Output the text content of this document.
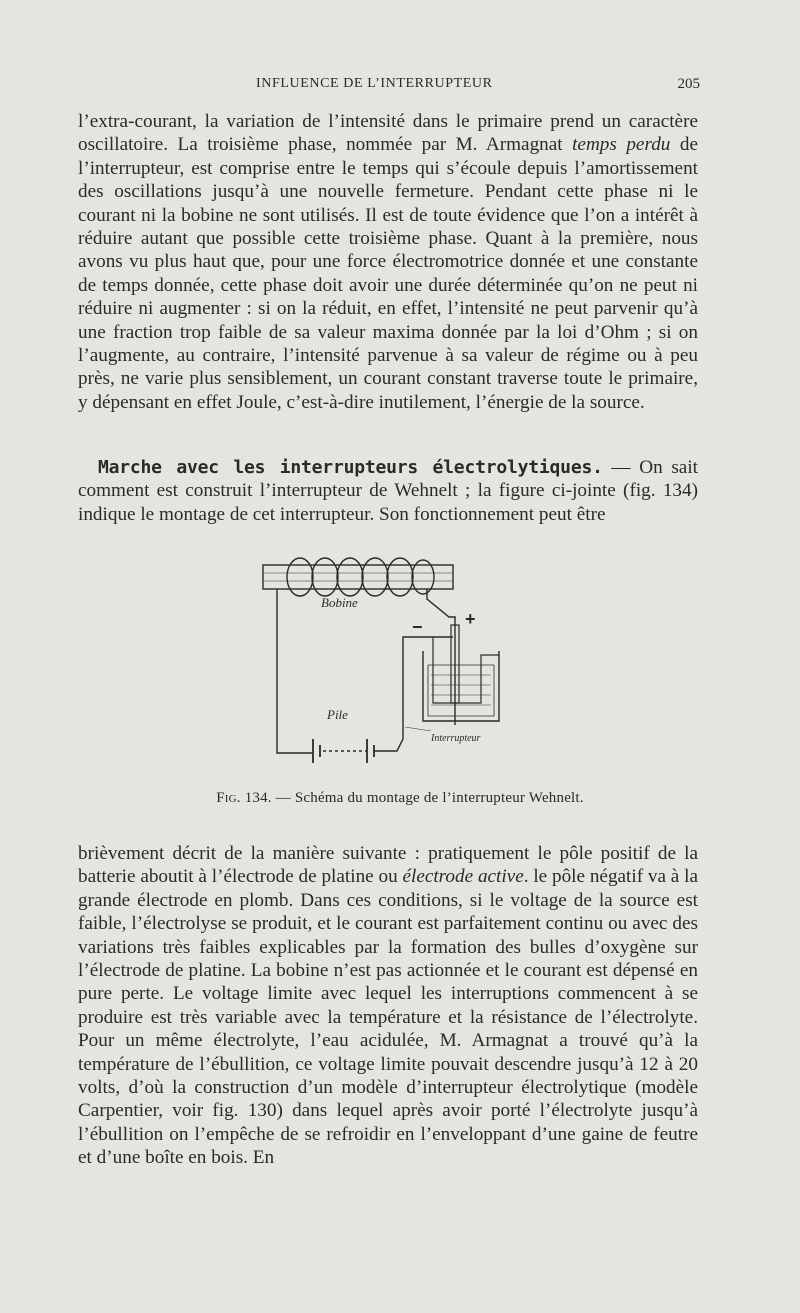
INFLUENCE DE L’INTERRUPTEUR	205

l’extra-courant, la variation de l’intensité dans le primaire prend un caractère oscillatoire. La troisième phase, nommée par M. Armagnat temps perdu de l’interrupteur, est comprise entre le temps qui s’écoule depuis l’amortissement des oscillations jusqu’à une nouvelle fermeture. Pendant cette phase ni le courant ni la bobine ne sont utilisés. Il est de toute évidence que l’on a intérêt à réduire autant que possible cette troisième phase. Quant à la première, nous avons vu plus haut que, pour une force électromotrice donnée et une constante de temps donnée, cette phase doit avoir une durée déterminée qu’on ne peut ni réduire ni augmenter : si on la réduit, en effet, l’intensité ne peut parvenir qu’à une fraction trop faible de sa valeur maxima donnée par la loi d’Ohm ; si on l’augmente, au contraire, l’intensité parvenue à sa valeur de régime ou à peu près, ne varie plus sensiblement, un courant constant traverse toute le primaire, y dépensant en effet Joule, c’est-à-dire inutilement, l’énergie de la source.

Marche avec les interrupteurs électrolytiques. — On sait comment est construit l’interrupteur de Wehnelt ; la figure ci-jointe (fig. 134) indique le montage de cet interrupteur. Son fonctionnement peut être

Bobine
Pile
Interrupteur
+
−
Fig. 134. — Schéma du montage de l’interrupteur Wehnelt.

brièvement décrit de la manière suivante : pratiquement le pôle positif de la batterie aboutit à l’électrode de platine ou électrode active. le pôle négatif va à la grande électrode en plomb. Dans ces conditions, si le voltage de la source est faible, l’électrolyse se produit, et le courant est parfaitement continu ou avec des variations très faibles explicables par la formation des bulles d’oxygène sur l’électrode de platine. La bobine n’est pas actionnée et le courant est dépensé en pure perte. Le voltage limite avec lequel les interruptions commencent à se produire est très variable avec la température et la résistance de l’électrolyte. Pour un même électrolyte, l’eau acidulée, M. Armagnat a trouvé qu’à la température de l’ébullition, ce voltage limite pouvait descendre jusqu’à 12 à 20 volts, d’où la construction d’un modèle d’interrupteur électrolytique (modèle Carpentier, voir fig. 130) dans lequel après avoir porté l’électrolyte jusqu’à l’ébullition on l’empêche de se refroidir en l’enveloppant d’une gaine de feutre et d’une boîte en bois. En
